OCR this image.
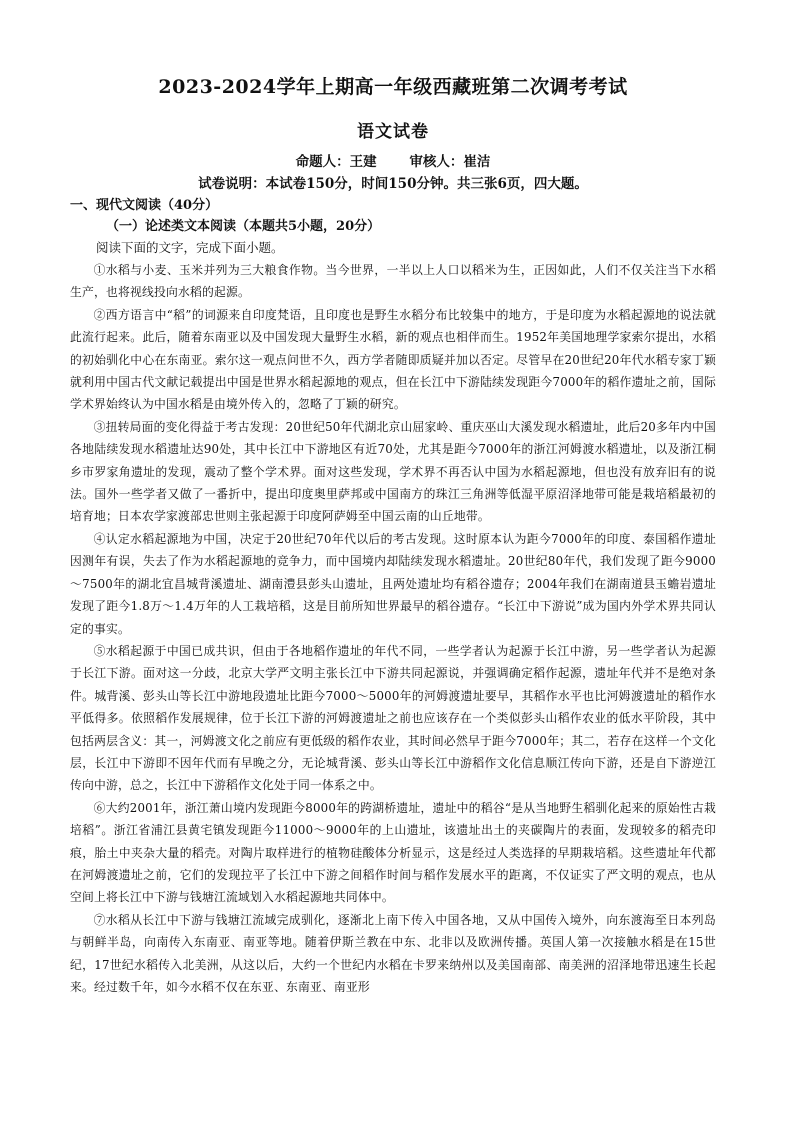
2023-2024学年上期高一年级西藏班第二次调考考试
语文试卷
命题人：王建 审核人：崔洁
试卷说明：本试卷150分，时间150分钟。共三张6页，四大题。
一、现代文阅读（40分）
（一）论述类文本阅读（本题共5小题，20分）
阅读下面的文字，完成下面小题。

①水稻与小麦、玉米并列为三大粮食作物。当今世界，一半以上人口以稻米为生，正因如此，人们不仅关注当下水稻生产，也将视线投向水稻的起源。

②西方语言中“稻”的词源来自印度梵语，且印度也是野生水稻分布比较集中的地方，于是印度为水稻起源地的说法就此流行起来。此后，随着东南亚以及中国发现大量野生水稻，新的观点也相伴而生。1952年美国地理学家索尔提出，水稻的初始驯化中心在东南亚。索尔这一观点问世不久，西方学者随即质疑并加以否定。尽管早在20世纪20年代水稻专家丁颖就利用中国古代文献记载提出中国是世界水稻起源地的观点，但在长江中下游陆续发现距今7000年的稻作遗址之前，国际学术界始终认为中国水稻是由境外传入的，忽略了丁颖的研究。

③扭转局面的变化得益于考古发现：20世纪50年代湖北京山屈家岭、重庆巫山大溪发现水稻遗址，此后20多年内中国各地陆续发现水稻遗址达90处，其中长江中下游地区有近70处，尤其是距今7000年的浙江河姆渡水稻遗址，以及浙江桐乡市罗家角遗址的发现，震动了整个学术界。面对这些发现，学术界不再否认中国为水稻起源地，但也没有放弃旧有的说法。国外一些学者又做了一番折中，提出印度奥里萨邦或中国南方的珠江三角洲等低湿平原沼泽地带可能是栽培稻最初的培育地；日本农学家渡部忠世则主张起源于印度阿萨姆至中国云南的山丘地带。

④认定水稻起源地为中国，决定于20世纪70年代以后的考古发现。这时原本认为距今7000年的印度、泰国稻作遗址因测年有误，失去了作为水稻起源地的竞争力，而中国境内却陆续发现水稻遗址。20世纪80年代，我们发现了距今9000～7500年的湖北宜昌城背溪遗址、湖南澧县彭头山遗址，且两处遗址均有稻谷遗存；2004年我们在湖南道县玉蟾岩遗址发现了距今1.8万～1.4万年的人工栽培稻，这是目前所知世界最早的稻谷遗存。“长江中下游说”成为国内外学术界共同认定的事实。

⑤水稻起源于中国已成共识，但由于各地稻作遗址的年代不同，一些学者认为起源于长江中游，另一些学者认为起源于长江下游。面对这一分歧，北京大学严文明主张长江中下游共同起源说，并强调确定稻作起源，遗址年代并不是绝对条件。城背溪、彭头山等长江中游地段遗址比距今7000～5000年的河姆渡遗址要早，其稻作水平也比河姆渡遗址的稻作水平低得多。依照稻作发展规律，位于长江下游的河姆渡遗址之前也应该存在一个类似彭头山稻作农业的低水平阶段，其中包括两层含义：其一，河姆渡文化之前应有更低级的稻作农业，其时间必然早于距今7000年；其二，若存在这样一个文化层，长江中下游即不因年代而有早晚之分，无论城背溪、彭头山等长江中游稻作文化信息顺江传向下游，还是自下游逆江传向中游，总之，长江中下游稻作文化处于同一体系之中。

⑥大约2001年，浙江萧山境内发现距今8000年的跨湖桥遗址，遗址中的稻谷“是从当地野生稻驯化起来的原始性古栽培稻”。浙江省浦江县黄宅镇发现距今11000～9000年的上山遗址，该遗址出土的夹碳陶片的表面，发现较多的稻壳印痕，胎土中夹杂大量的稻壳。对陶片取样进行的植物硅酸体分析显示，这是经过人类选择的早期栽培稻。这些遗址年代都在河姆渡遗址之前，它们的发现拉平了长江中下游之间稻作时间与稻作发展水平的距离，不仅证实了严文明的观点，也从空间上将长江中下游与钱塘江流域划入水稻起源地共同体中。

⑦水稻从长江中下游与钱塘江流域完成驯化，逐渐北上南下传入中国各地，又从中国传入境外，向东渡海至日本列岛与朝鲜半岛，向南传入东南亚、南亚等地。随着伊斯兰教在中东、北非以及欧洲传播。英国人第一次接触水稻是在15世纪，17世纪水稻传入北美洲，从这以后，大约一个世纪内水稻在卡罗来纳州以及美国南部、南美洲的沼泽地带迅速生长起来。经过数千年，如今水稻不仅在东亚、东南亚、南亚形
